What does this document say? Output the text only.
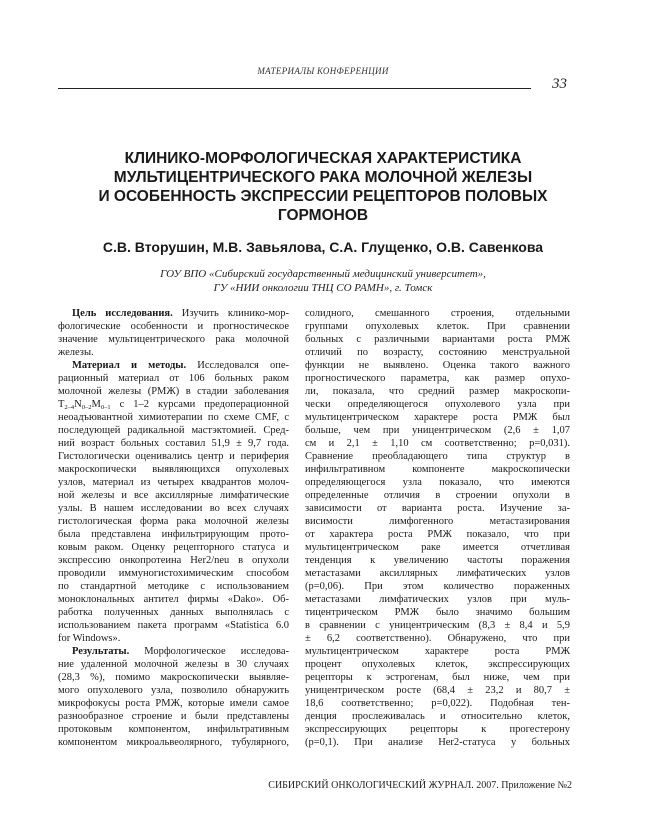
МАТЕРИАЛЫ КОНФЕРЕНЦИИ
33
КЛИНИКО-МОРФОЛОГИЧЕСКАЯ ХАРАКТЕРИСТИКА
МУЛЬТИЦЕНТРИЧЕСКОГО РАКА МОЛОЧНОЙ ЖЕЛЕЗЫ
И ОСОБЕННОСТЬ ЭКСПРЕССИИ РЕЦЕПТОРОВ ПОЛОВЫХ
ГОРМОНОВ
С.В. Вторушин, М.В. Завьялова, С.А. Глущенко, О.В. Савенкова
ГОУ ВПО «Сибирский государственный медицинский университет»,
ГУ «НИИ онкологии ТНЦ СО РАМН», г. Томск
Цель исследования. Изучить клинико-мор-
фологические особенности и прогностическое
значение мультицентрического рака молочной
железы.
Материал и методы. Исследовался опе-
рационный материал от 106 больных раком
молочной железы (РМЖ) в стадии заболевания
$T_{2-4}N_{0-2}M_{0-1}$ с 1–2 курсами предоперационной
неоадъювантной химиотерапии по схеме CMF, с
последующей радикальной мастэктомией. Сред-
ний возраст больных составил 51,9 ± 9,7 года.
Гистологически оценивались центр и периферия
макроскопически выявляющихся опухолевых
узлов, материал из четырех квадрантов молоч-
ной железы и все аксиллярные лимфатические
узлы. В нашем исследовании во всех случаях
гистологическая форма рака молочной железы
была представлена инфильтрирующим прото-
ковым раком. Оценку рецепторного статуса и
экспрессию онкопротеина Her2/neu в опухоли
проводили иммуногистохимическим способом
по стандартной методике с использованием
моноклональных антител фирмы «Dako». Об-
работка полученных данных выполнялась с
использованием пакета программ «Statistica 6.0
for Windows».
Результаты. Морфологическое исследова-
ние удаленной молочной железы в 30 случаях
(28,3 %), помимо макроскопически выявляе-
мого опухолевого узла, позволило обнаружить
микрофокусы роста РМЖ, которые имели самое
разнообразное строение и были представлены
протоковым компонентом, инфильтративным
компонентом микроальвеолярного, тубулярного,
солидного, смешанного строения, отдельными
группами опухолевых клеток. При сравнении
больных с различными вариантами роста РМЖ
отличий по возрасту, состоянию менструальной
функции не выявлено. Оценка такого важного
прогностического параметра, как размер опухо-
ли, показала, что средний размер макроскопи-
чески определяющегося опухолевого узла при
мультицентрическом характере роста РМЖ был
больше, чем при уницентрическом (2,6 ± 1,07
см и 2,1 ± 1,10 см соответственно; p=0,031).
Сравнение преобладающего типа структур в
инфильтративном компоненте макроскопически
определяющегося узла показало, что имеются
определенные отличия в строении опухоли в
зависимости от варианта роста. Изучение за-
висимости лимфогенного метастазирования
от характера роста РМЖ показало, что при
мультицентрическом раке имеется отчетливая
тенденция к увеличению частоты поражения
метастазами аксиллярных лимфатических узлов
(p=0,06). При этом количество пораженных
метастазами лимфатических узлов при муль-
тицентрическом РМЖ было значимо большим
в сравнении с уницентрическим (8,3 ± 8,4 и 5,9
± 6,2 соответственно). Обнаружено, что при
мультицентрическом характере роста РМЖ
процент опухолевых клеток, экспрессирующих
рецепторы к эстрогенам, был ниже, чем при
уницентрическом росте (68,4 ± 23,2 и 80,7 ±
18,6 соответственно; p=0,022). Подобная тен-
денция прослеживалась и относительно клеток,
экспрессирующих рецепторы к прогестерону
(p=0,1). При анализе Her2-статуса у больных
СИБИРСКИЙ ОНКОЛОГИЧЕСКИЙ ЖУРНАЛ. 2007. Приложение №2
